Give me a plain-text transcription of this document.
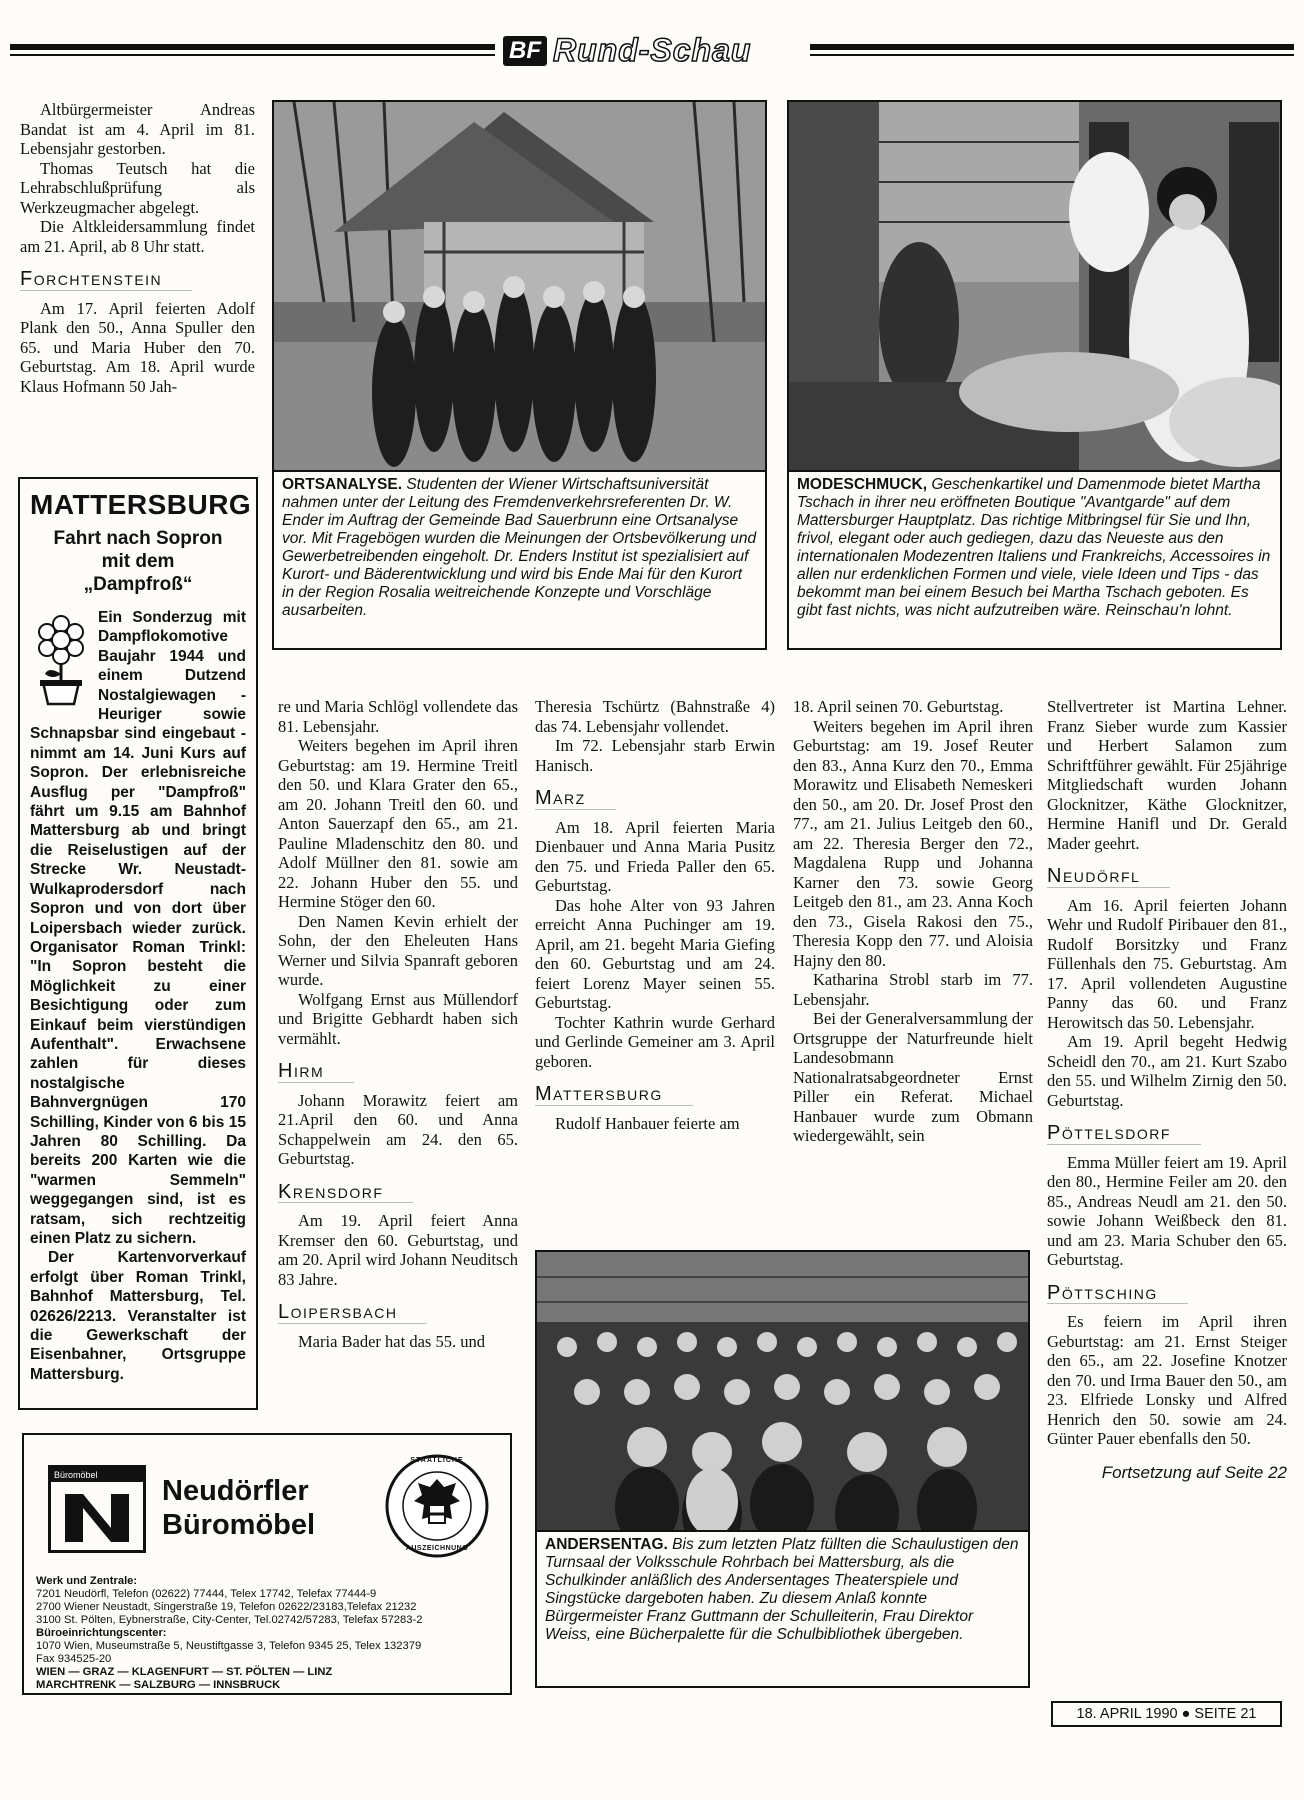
BF Rund-Schau

Altbürgermeister Andreas Bandat ist am 4. April im 81. Lebensjahr gestorben.

Thomas Teutsch hat die Lehrabschlußprüfung als Werkzeugmacher abgelegt.

Die Altkleidersammlung findet am 21. April, ab 8 Uhr statt.

Forchtenstein

Am 17. April feierten Adolf Plank den 50., Anna Spuller den 65. und Maria Huber den 70. Geburtstag. Am 18. April wurde Klaus Hofmann 50 Jah-

MATTERSBURG
Fahrt nach Sopron mit dem „Dampfroß“

Ein Sonderzug mit Dampflokomotive Baujahr 1944 und einem Dutzend Nostalgiewagen - Heuriger sowie Schnapsbar sind eingebaut - nimmt am 14. Juni Kurs auf Sopron. Der erlebnisreiche Ausflug per "Dampfroß" fährt um 9.15 am Bahnhof Mattersburg ab und bringt die Reiselustigen auf der Strecke Wr. Neustadt-Wulkaprodersdorf nach Sopron und von dort über Loipersbach wieder zurück. Organisator Roman Trinkl: "In Sopron besteht die Möglichkeit zu einer Besichtigung oder zum Einkauf beim vierstündigen Aufenthalt". Erwachsene zahlen für dieses nostalgische Bahnvergnügen 170 Schilling, Kinder von 6 bis 15 Jahren 80 Schilling. Da bereits 200 Karten wie die "warmen Semmeln" weggegangen sind, ist es ratsam, sich rechtzeitig einen Platz zu sichern.

Der Kartenvorverkauf erfolgt über Roman Trinkl, Bahnhof Mattersburg, Tel. 02626/2213. Veranstalter ist die Gewerkschaft der Eisenbahner, Ortsgruppe Mattersburg.

ORTSANALYSE. Studenten der Wiener Wirtschaftsuniversität nahmen unter der Leitung des Fremdenverkehrsreferenten Dr. W. Ender im Auftrag der Gemeinde Bad Sauerbrunn eine Ortsanalyse vor. Mit Fragebögen wurden die Meinungen der Ortsbevölkerung und Gewerbetreibenden eingeholt. Dr. Enders Institut ist spezialisiert auf Kurort- und Bäderentwicklung und wird bis Ende Mai für den Kurort in der Region Rosalia weitreichende Konzepte und Vorschläge ausarbeiten.
MODESCHMUCK, Geschenkartikel und Damenmode bietet Martha Tschach in ihrer neu eröffneten Boutique "Avantgarde" auf dem Mattersburger Hauptplatz. Das richtige Mitbringsel für Sie und Ihn, frivol, elegant oder auch gediegen, dazu das Neueste aus den internationalen Modezentren Italiens und Frankreichs, Accessoires in allen nur erdenklichen Formen und viele, viele Ideen und Tips - das bekommt man bei einem Besuch bei Martha Tschach geboten. Es gibt fast nichts, was nicht aufzutreiben wäre. Reinschau'n lohnt.

re und Maria Schlögl vollendete das 81. Lebensjahr.

Weiters begehen im April ihren Geburtstag: am 19. Hermine Treitl den 50. und Klara Grater den 65., am 20. Johann Treitl den 60. und Anton Sauerzapf den 65., am 21. Pauline Mladenschitz den 80. und Adolf Müllner den 81. sowie am 22. Johann Huber den 55. und Hermine Stöger den 60.

Den Namen Kevin erhielt der Sohn, der den Eheleuten Hans Werner und Silvia Spanraft geboren wurde.

Wolfgang Ernst aus Müllendorf und Brigitte Gebhardt haben sich vermählt.

Hirm

Johann Morawitz feiert am 21.April den 60. und Anna Schappelwein am 24. den 65. Geburtstag.

Krensdorf

Am 19. April feiert Anna Kremser den 60. Geburtstag, und am 20. April wird Johann Neuditsch 83 Jahre.

Loipersbach

Maria Bader hat das 55. und

Theresia Tschürtz (Bahnstraße 4) das 74. Lebensjahr vollendet.

Im 72. Lebensjahr starb Erwin Hanisch.

Marz

Am 18. April feierten Maria Dienbauer und Anna Maria Pusitz den 75. und Frieda Paller den 65. Geburtstag.

Das hohe Alter von 93 Jahren erreicht Anna Puchinger am 19. April, am 21. begeht Maria Giefing den 60. Geburtstag und am 24. feiert Lorenz Mayer seinen 55. Geburtstag.

Tochter Kathrin wurde Gerhard und Gerlinde Gemeiner am 3. April geboren.

Mattersburg

Rudolf Hanbauer feierte am

18. April seinen 70. Geburtstag.

Weiters begehen im April ihren Geburtstag: am 19. Josef Reuter den 83., Anna Kurz den 70., Emma Morawitz und Elisabeth Nemeskeri den 50., am 20. Dr. Josef Prost den 77., am 21. Julius Leitgeb den 60., am 22. Theresia Berger den 72., Magdalena Rupp und Johanna Karner den 73. sowie Georg Leitgeb den 81., am 23. Anna Koch den 73., Gisela Rakosi den 75., Theresia Kopp den 77. und Aloisia Hajny den 80.

Katharina Strobl starb im 77. Lebensjahr.

Bei der Generalversammlung der Ortsgruppe der Naturfreunde hielt Landesobmann Nationalratsabgeordneter Ernst Piller ein Referat. Michael Hanbauer wurde zum Obmann wiedergewählt, sein

Stellvertreter ist Martina Lehner. Franz Sieber wurde zum Kassier und Herbert Salamon zum Schriftführer gewählt. Für 25jährige Mitgliedschaft wurden Johann Glocknitzer, Käthe Glocknitzer, Hermine Hanifl und Dr. Gerald Mader geehrt.

Neudörfl

Am 16. April feierten Johann Wehr und Rudolf Piribauer den 81., Rudolf Borsitzky und Franz Füllenhals den 75. Geburtstag. Am 17. April vollendeten Augustine Panny das 60. und Franz Herowitsch das 50. Lebensjahr.

Am 19. April begeht Hedwig Scheidl den 70., am 21. Kurt Szabo den 55. und Wilhelm Zirnig den 50. Geburtstag.

Pöttelsdorf

Emma Müller feiert am 19. April den 80., Hermine Feiler am 20. den 85., Andreas Neudl am 21. den 50. sowie Johann Weißbeck den 81. und am 23. Maria Schuber den 65. Geburtstag.

Pöttsching

Es feiern im April ihren Geburtstag: am 21. Ernst Steiger den 65., am 22. Josefine Knotzer den 70. und Irma Bauer den 50., am 23. Elfriede Lonsky und Alfred Henrich den 50. sowie am 24. Günter Pauer ebenfalls den 50.

Fortsetzung auf Seite 22
ANDERSENTAG. Bis zum letzten Platz füllten die Schaulustigen den Turnsaal der Volksschule Rohrbach bei Mattersburg, als die Schulkinder anläßlich des Andersentages Theaterspiele und Singstücke dargeboten haben. Zu diesem Anlaß konnte Bürgermeister Franz Guttmann der Schulleiterin, Frau Direktor Weiss, eine Bücherpalette für die Schulbibliothek übergeben.
Büromöbel	Neudörfler
Büromöbel
STAATLICHE
AUSZEICHNUNG
Werk und Zentrale:
7201 Neudörfl, Telefon (02622) 77444, Telex 17742, Telefax 77444-9
2700 Wiener Neustadt, Singerstraße 19, Telefon 02622/23183,Telefax 21232
3100 St. Pölten, Eybnerstraße, City-Center, Tel.02742/57283, Telefax 57283-2
Büroeinrichtungscenter:
1070 Wien, Museumstraße 5, Neustiftgasse 3, Telefon 9345 25, Telex 132379
Fax 934525-20
WIEN — GRAZ — KLAGENFURT — ST. PÖLTEN — LINZ
MARCHTRENK — SALZBURG — INNSBRUCK
18. APRIL 1990 ● SEITE 21
